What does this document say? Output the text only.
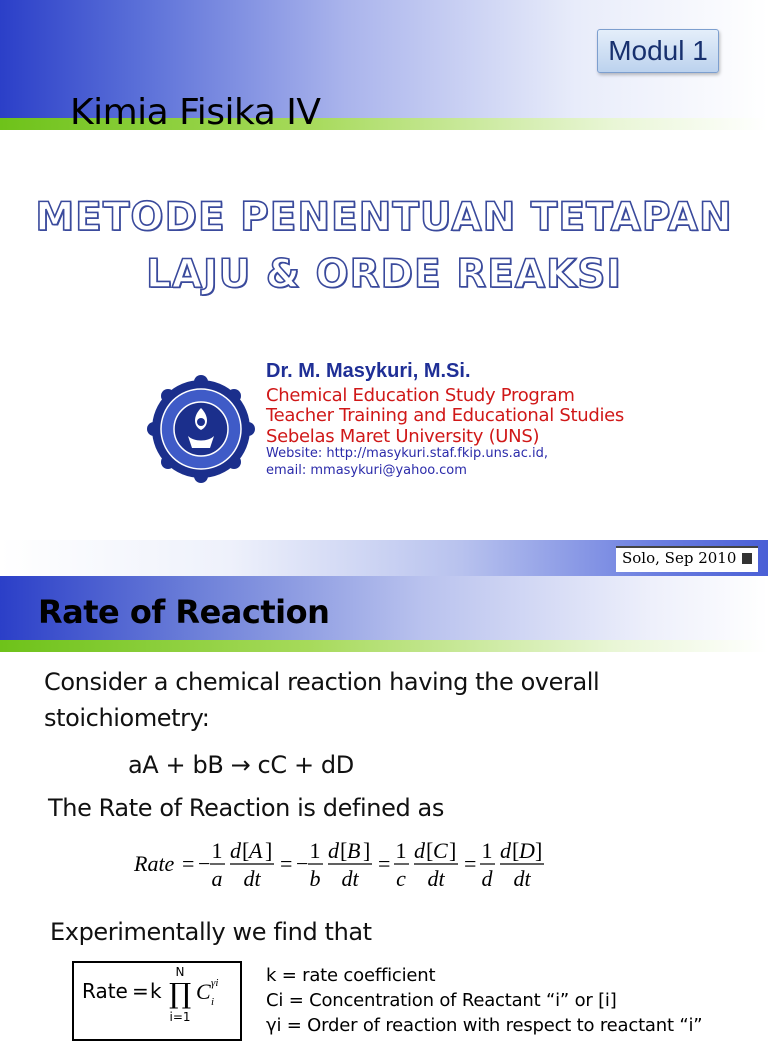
Modul 1
Kimia Fisika IV
METODE PENENTUAN TETAPAN
LAJU & ORDE REAKSI
Dr. M. Masykuri, M.Si.
Chemical Education Study Program
Teacher Training and Educational Studies
Sebelas Maret University (UNS)
Website: http://masykuri.staf.fkip.uns.ac.id,
email: mmasykuri@yahoo.com
Solo, Sep 2010
Rate of Reaction
Consider a chemical reaction having the overall
stoichiometry:
aA + bB → cC + dD
The Rate of Reaction is defined as
Rate = −
1
a
d [ A ]
dt
= −
1
b
d [ B ]
dt
=
1
c
d [ C ]
dt
=
1
d
d [ D ]
dt
Experimentally we find that
Rate = k
N
∏
i=1
C i
γi	k = rate coefficient
Ci = Concentration of Reactant “i” or [i]
γi = Order of reaction with respect to reactant “i”
